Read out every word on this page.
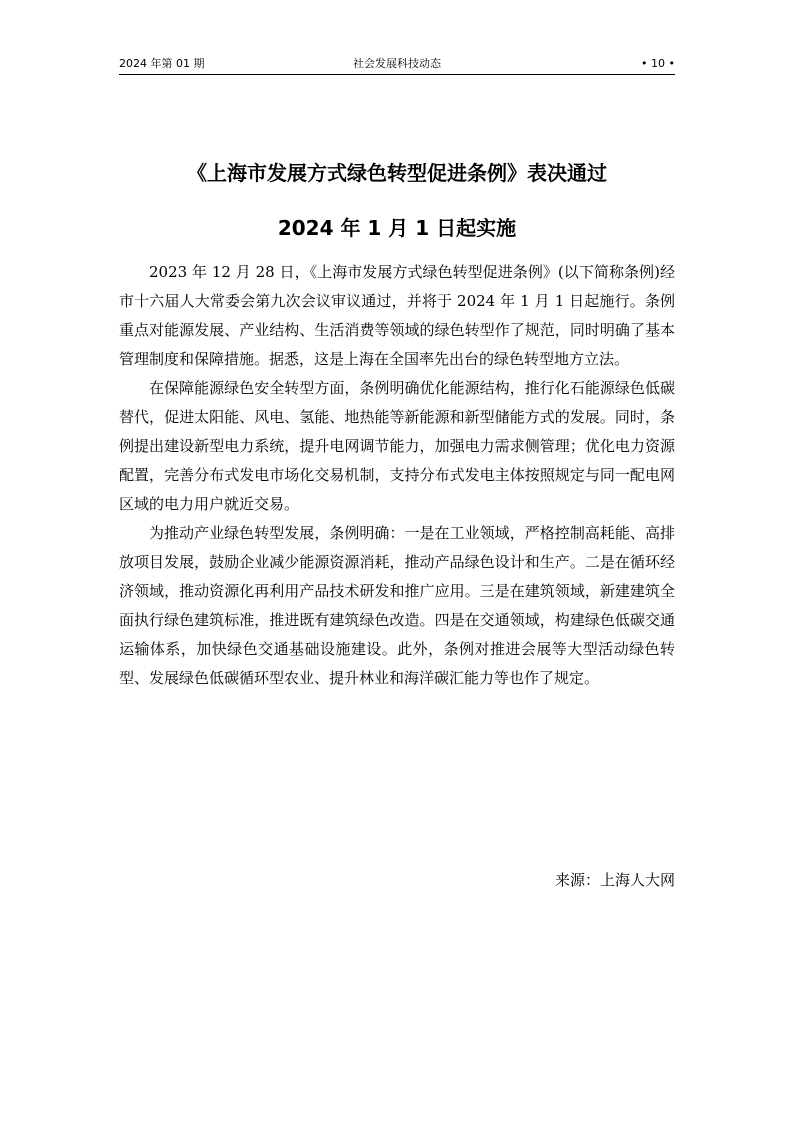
社会发展科技动态
2024 年第 01 期	• 10 •
《上海市发展方式绿色转型促进条例》表决通过
2024 年 1 月 1 日起实施

2023 年 12 月 28 日，《上海市发展方式绿色转型促进条例》(以下简称条例)经市十六届人大常委会第九次会议审议通过，并将于 2024 年 1 月 1 日起施行。条例重点对能源发展、产业结构、生活消费等领域的绿色转型作了规范，同时明确了基本管理制度和保障措施。据悉，这是上海在全国率先出台的绿色转型地方立法。

在保障能源绿色安全转型方面，条例明确优化能源结构，推行化石能源绿色低碳替代，促进太阳能、风电、氢能、地热能等新能源和新型储能方式的发展。同时，条例提出建设新型电力系统，提升电网调节能力，加强电力需求侧管理；优化电力资源配置，完善分布式发电市场化交易机制，支持分布式发电主体按照规定与同一配电网区域的电力用户就近交易。

为推动产业绿色转型发展，条例明确：一是在工业领域，严格控制高耗能、高排放项目发展，鼓励企业减少能源资源消耗，推动产品绿色设计和生产。二是在循环经济领域，推动资源化再利用产品技术研发和推广应用。三是在建筑领域，新建建筑全面执行绿色建筑标准，推进既有建筑绿色改造。四是在交通领域，构建绿色低碳交通运输体系，加快绿色交通基础设施建设。此外，条例对推进会展等大型活动绿色转型、发展绿色低碳循环型农业、提升林业和海洋碳汇能力等也作了规定。

来源：上海人大网
